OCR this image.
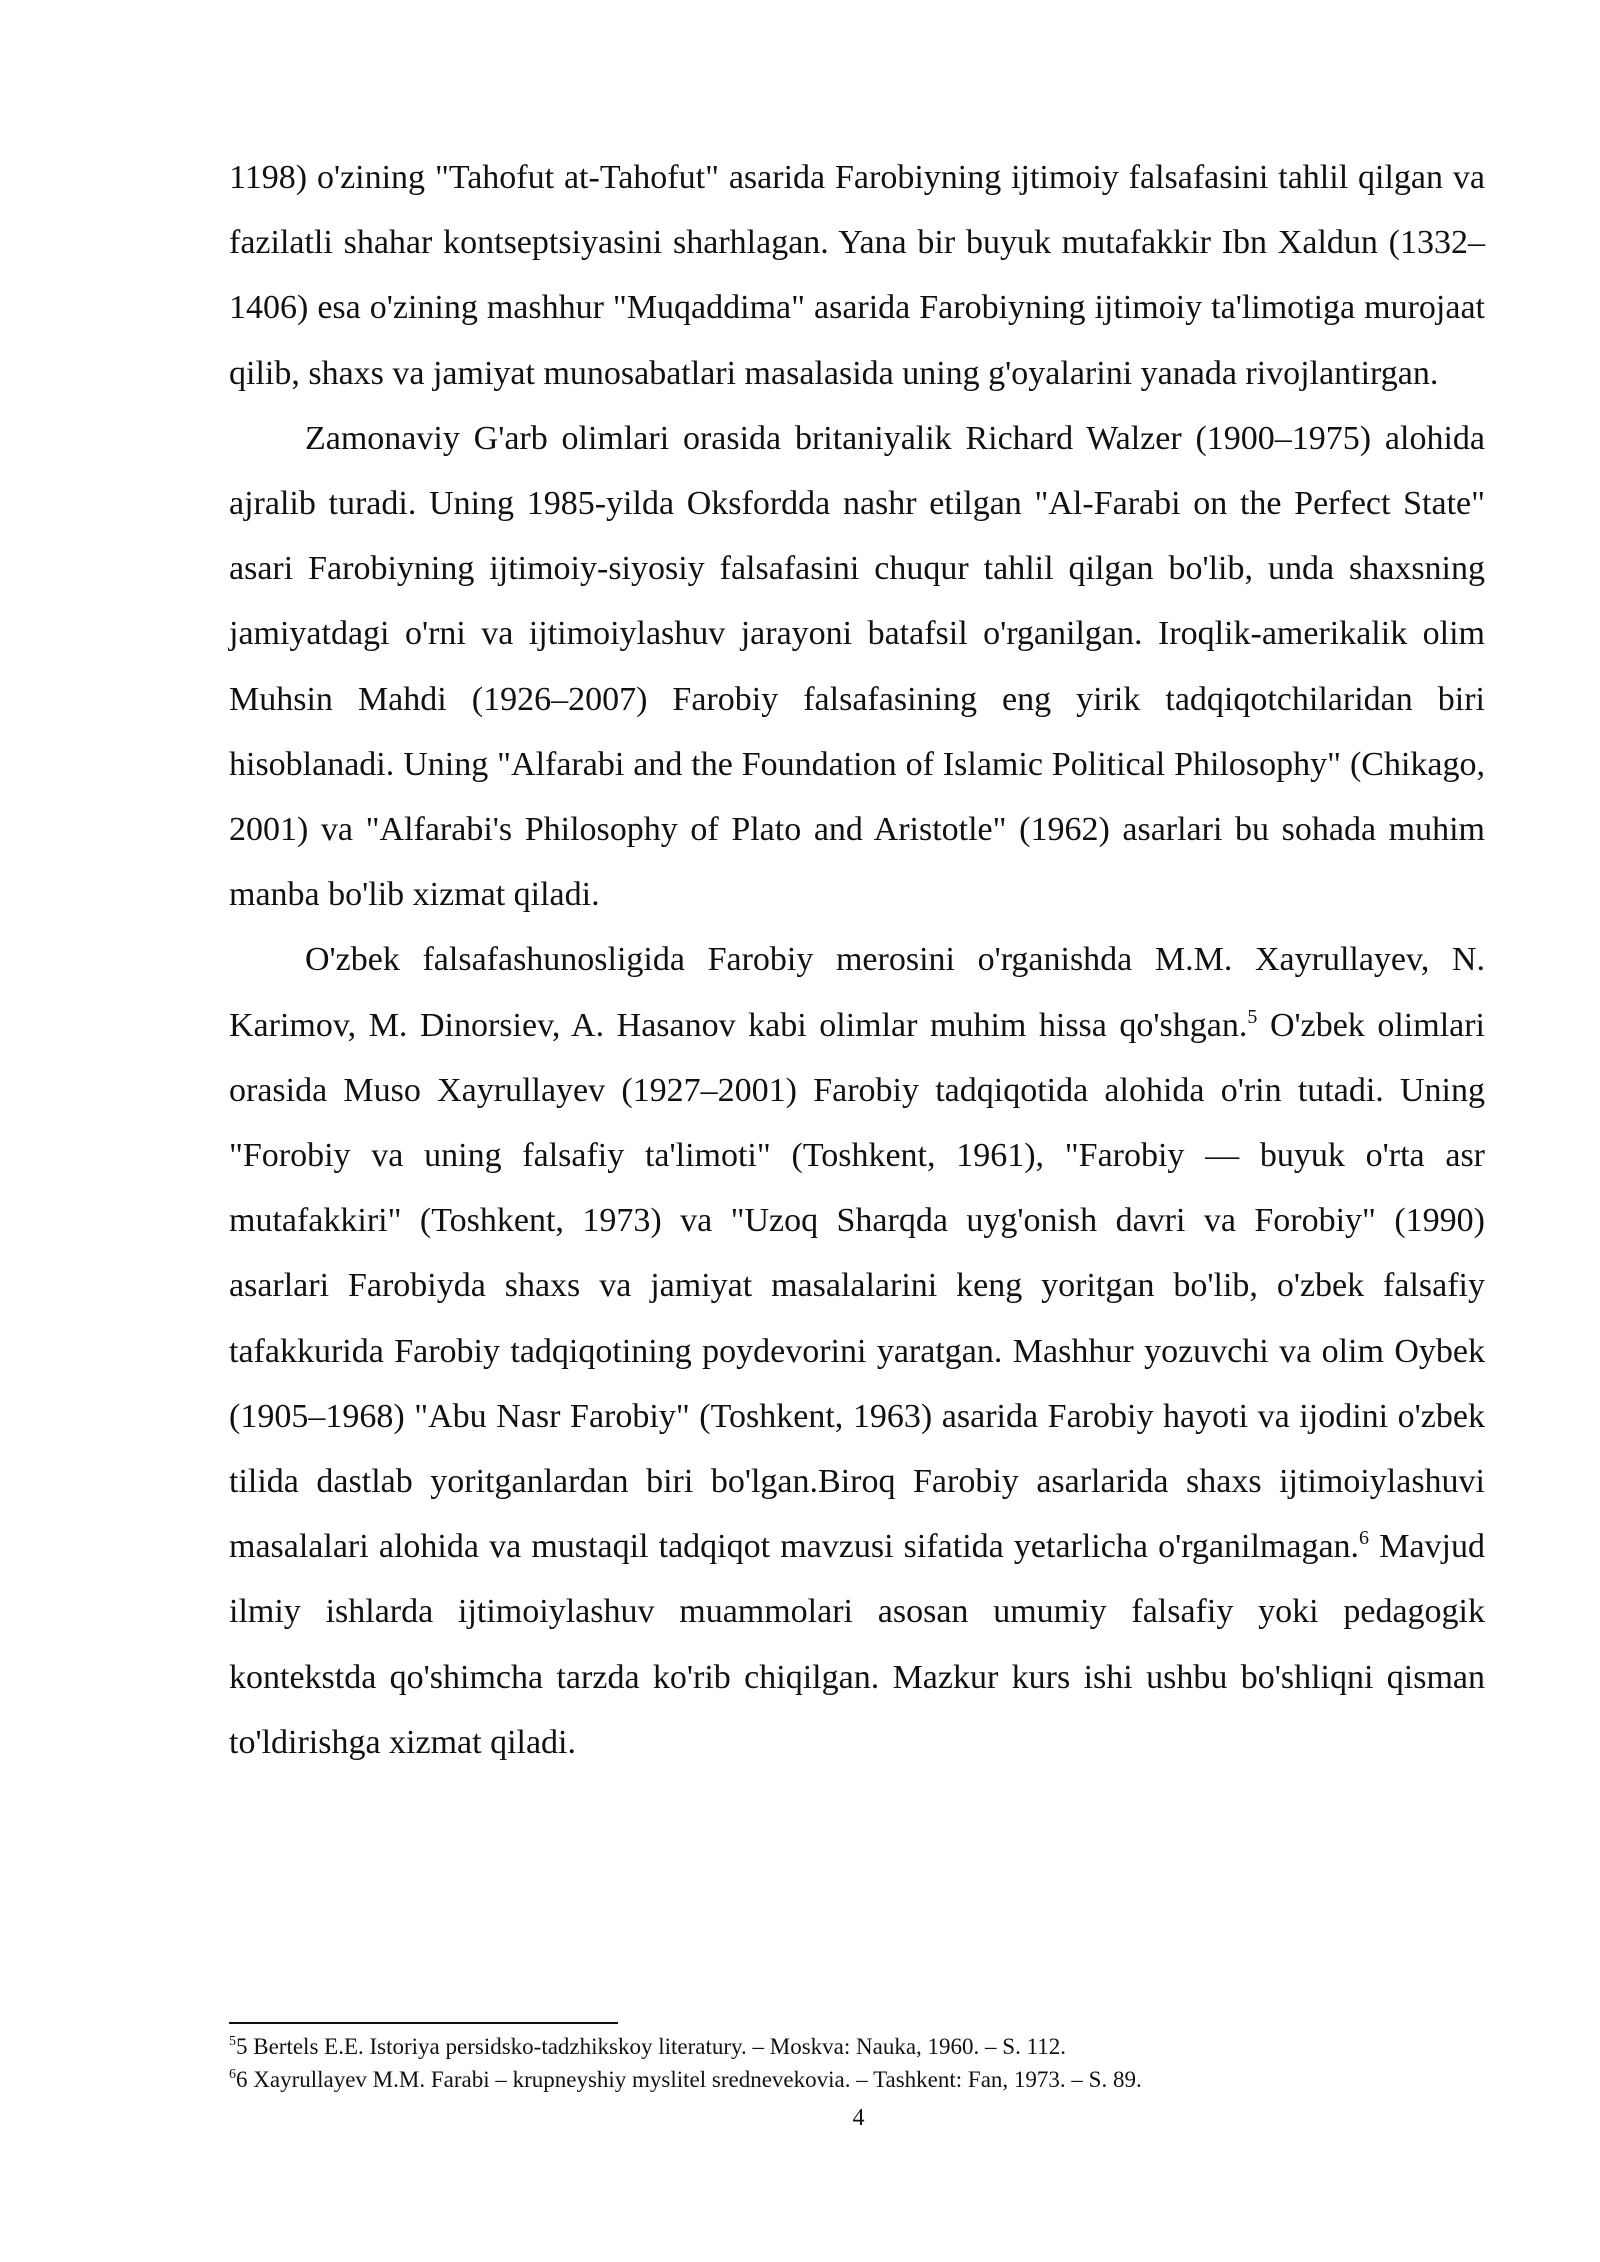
1198) o'zining "Tahofut at-Tahofut" asarida Farobiyning ijtimoiy falsafasini tahlil qilgan va fazilatli shahar kontseptsiyasini sharhlagan. Yana bir buyuk mutafakkir Ibn Xaldun (1332–1406) esa o'zining mashhur "Muqaddima" asarida Farobiyning ijtimoiy ta'limotiga murojaat qilib, shaxs va jamiyat munosabatlari masalasida uning g'oyalarini yanada rivojlantirgan.

Zamonaviy G'arb olimlari orasida britaniyalik Richard Walzer (1900–1975) alohida ajralib turadi. Uning 1985-yilda Oksfordda nashr etilgan "Al-Farabi on the Perfect State" asari Farobiyning ijtimoiy-siyosiy falsafasini chuqur tahlil qilgan bo'lib, unda shaxsning jamiyatdagi o'rni va ijtimoiylashuv jarayoni batafsil o'rganilgan. Iroqlik-amerikalik olim Muhsin Mahdi (1926–2007) Farobiy falsafasining eng yirik tadqiqotchilaridan biri hisoblanadi. Uning "Alfarabi and the Foundation of Islamic Political Philosophy" (Chikago, 2001) va "Alfarabi's Philosophy of Plato and Aristotle" (1962) asarlari bu sohada muhim manba bo'lib xizmat qiladi.

O'zbek falsafashunosligida Farobiy merosini o'rganishda M.M. Xayrullayev, N. Karimov, M. Dinorsiev, A. Hasanov kabi olimlar muhim hissa qo'shgan.$^5$ O'zbek olimlari orasida Muso Xayrullayev (1927–2001) Farobiy tadqiqotida alohida o'rin tutadi. Uning "Forobiy va uning falsafiy ta'limoti" (Toshkent, 1961), "Farobiy — buyuk o'rta asr mutafakkiri" (Toshkent, 1973) va "Uzoq Sharqda uyg'onish davri va Forobiy" (1990) asarlari Farobiyda shaxs va jamiyat masalalarini keng yoritgan bo'lib, o'zbek falsafiy tafakkurida Farobiy tadqiqotining poydevorini yaratgan. Mashhur yozuvchi va olim Oybek (1905–1968) "Abu Nasr Farobiy" (Toshkent, 1963) asarida Farobiy hayoti va ijodini o'zbek tilida dastlab yoritganlardan biri bo'lgan.Biroq Farobiy asarlarida shaxs ijtimoiylashuvi masalalari alohida va mustaqil tadqiqot mavzusi sifatida yetarlicha o'rganilmagan.$^6$ Mavjud ilmiy ishlarda ijtimoiylashuv muammolari asosan umumiy falsafiy yoki pedagogik kontekstda qo'shimcha tarzda ko'rib chiqilgan. Mazkur kurs ishi ushbu bo'shliqni qisman to'ldirishga xizmat qiladi.

$^5$5 Bertels E.E. Istoriya persidsko-tadzhikskoy literatury. – Moskva: Nauka, 1960. – S. 112.

$^6$6 Xayrullayev M.M. Farabi – krupneyshiy myslitel srednevekovia. – Tashkent: Fan, 1973. – S. 89.

4
